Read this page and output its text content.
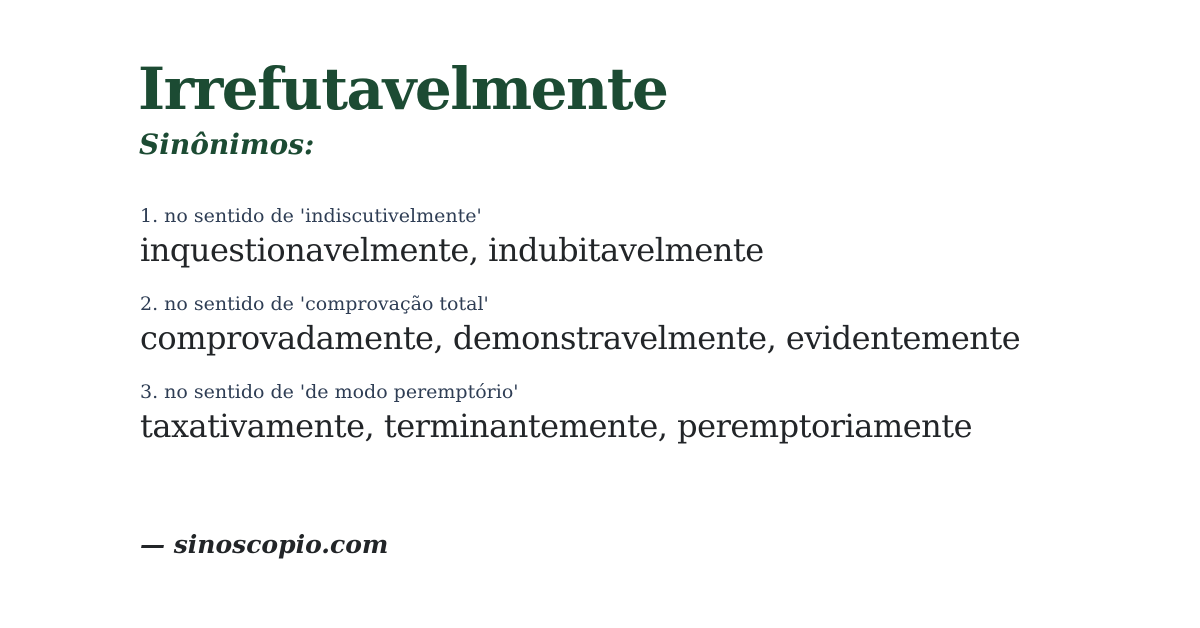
Irrefutavelmente
Sinônimos:

1. no sentido de 'indiscutivelmente'

inquestionavelmente, indubitavelmente

2. no sentido de 'comprovação total'

comprovadamente, demonstravelmente, evidentemente

3. no sentido de 'de modo peremptório'

taxativamente, terminantemente, peremptoriamente

— sinoscopio.com
